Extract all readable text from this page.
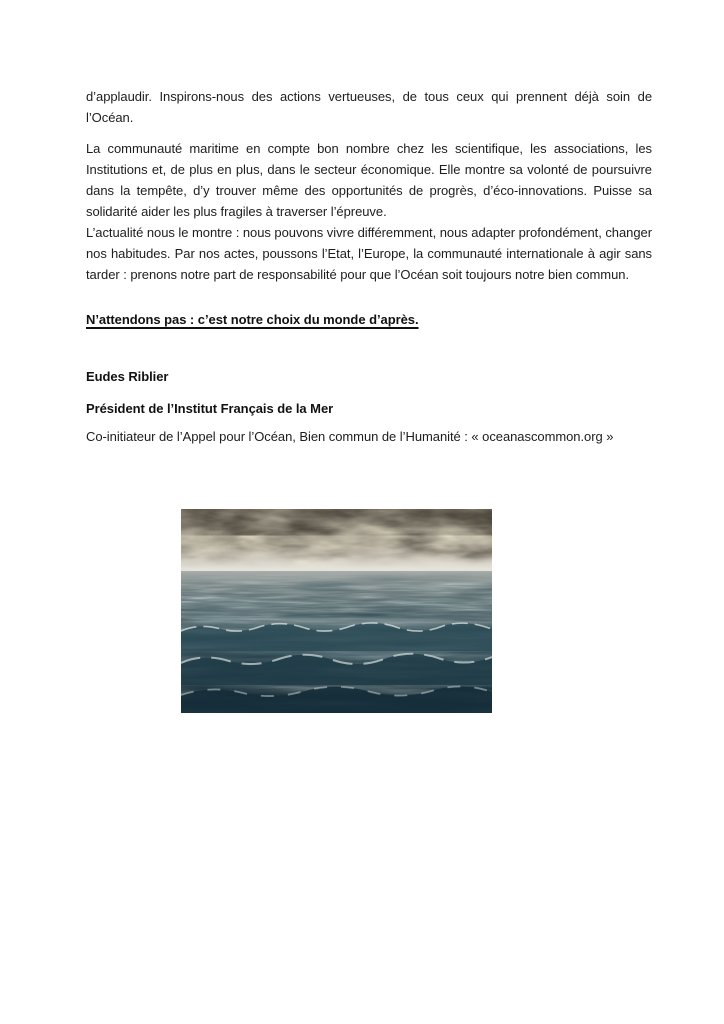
d’applaudir. Inspirons-nous des actions vertueuses, de tous ceux qui prennent déjà soin de l’Océan.

La communauté maritime en compte bon nombre chez les scientifique, les associations, les Institutions et, de plus en plus, dans le secteur économique. Elle montre sa volonté de poursuivre dans la tempête, d’y trouver même des opportunités de progrès, d’éco-innovations. Puisse sa solidarité aider les plus fragiles à traverser l’épreuve.

L’actualité nous le montre : nous pouvons vivre différemment, nous adapter profondément, changer nos habitudes. Par nos actes, poussons l’Etat, l’Europe, la communauté internationale à agir sans tarder : prenons notre part de responsabilité pour que l’Océan soit toujours notre bien commun.

N’attendons pas : c’est notre choix du monde d’après.

Eudes Riblier

Président de l’Institut Français de la Mer

Co-initiateur de l’Appel pour l’Océan, Bien commun de l’Humanité : « oceanascommon.org »
